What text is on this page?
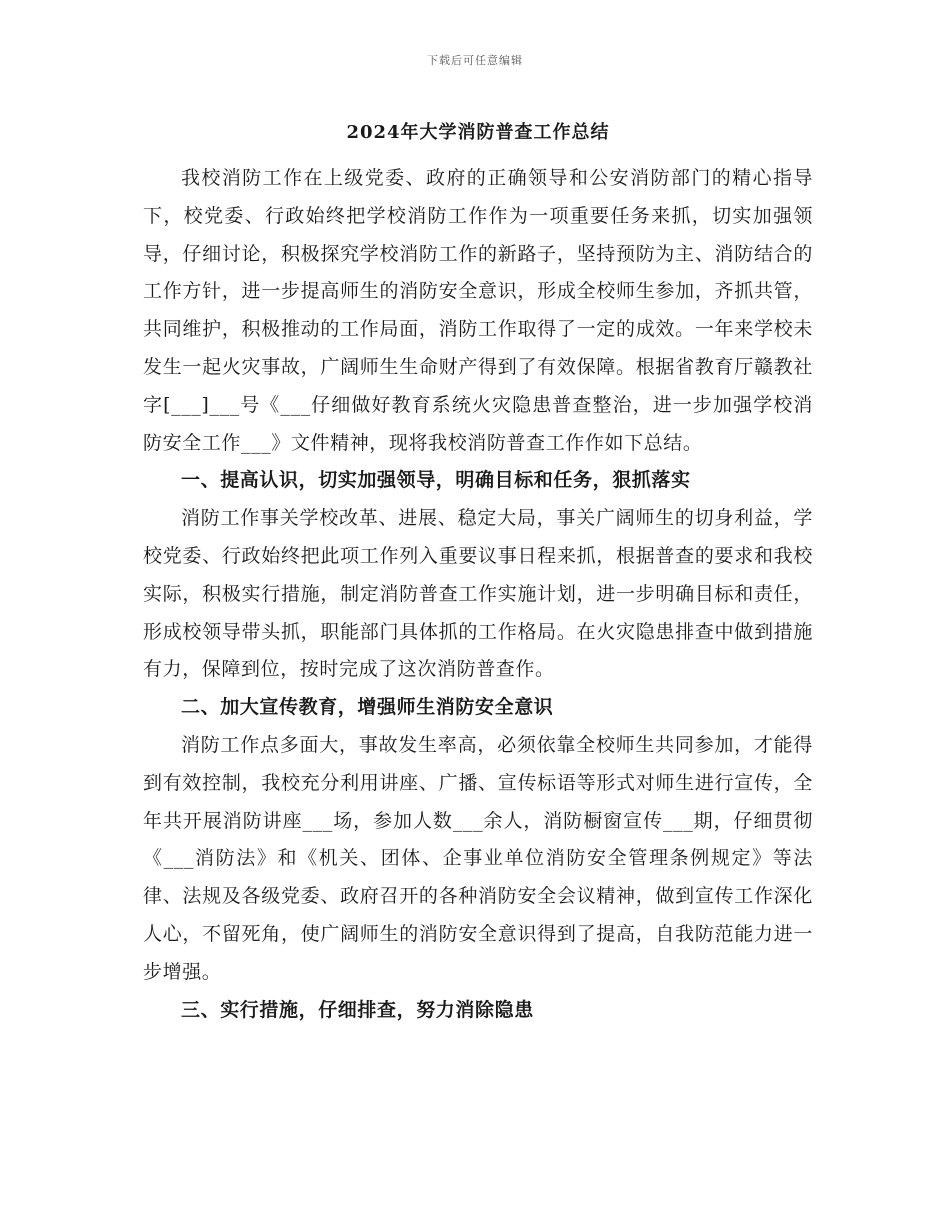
下载后可任意编辑
2024年大学消防普查工作总结

我校消防工作在上级党委、政府的正确领导和公安消防部门的精心指导下，校党委、行政始终把学校消防工作作为一项重要任务来抓，切实加强领导，仔细讨论，积极探究学校消防工作的新路子，坚持预防为主、消防结合的工作方针，进一步提高师生的消防安全意识，形成全校师生参加，齐抓共管，共同维护，积极推动的工作局面，消防工作取得了一定的成效。一年来学校未发生一起火灾事故，广阔师生生命财产得到了有效保障。根据省教育厅赣教社字[___]___号《___仔细做好教育系统火灾隐患普查整治，进一步加强学校消防安全工作___》文件精神，现将我校消防普查工作作如下总结。

一、提高认识，切实加强领导，明确目标和任务，狠抓落实

消防工作事关学校改革、进展、稳定大局，事关广阔师生的切身利益，学校党委、行政始终把此项工作列入重要议事日程来抓，根据普查的要求和我校实际，积极实行措施，制定消防普查工作实施计划，进一步明确目标和责任，形成校领导带头抓，职能部门具体抓的工作格局。在火灾隐患排查中做到措施有力，保障到位，按时完成了这次消防普查作。

二、加大宣传教育，增强师生消防安全意识

消防工作点多面大，事故发生率高，必须依靠全校师生共同参加，才能得到有效控制，我校充分利用讲座、广播、宣传标语等形式对师生进行宣传，全年共开展消防讲座___场，参加人数___余人，消防橱窗宣传___期，仔细贯彻《___消防法》和《机关、团体、企事业单位消防安全管理条例规定》等法律、法规及各级党委、政府召开的各种消防安全会议精神，做到宣传工作深化人心，不留死角，使广阔师生的消防安全意识得到了提高，自我防范能力进一步增强。

三、实行措施，仔细排查，努力消除隐患
